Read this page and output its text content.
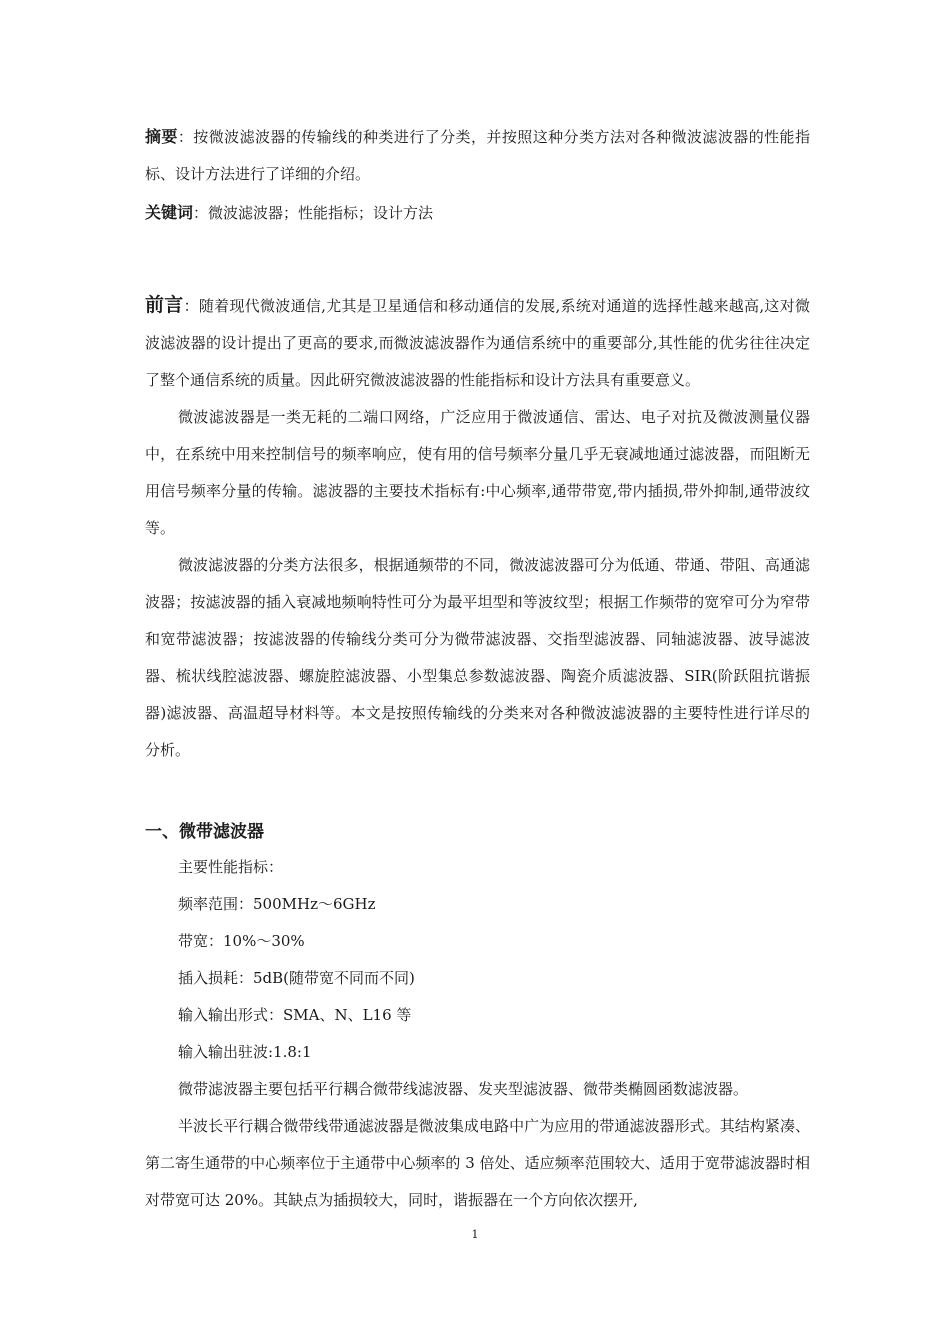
摘要：按微波滤波器的传输线的种类进行了分类，并按照这种分类方法对各种微波滤波器的性能指标、设计方法进行了详细的介绍。

关键词：微波滤波器；性能指标；设计方法

前言：随着现代微波通信,尤其是卫星通信和移动通信的发展,系统对通道的选择性越来越高,这对微波滤波器的设计提出了更高的要求,而微波滤波器作为通信系统中的重要部分,其性能的优劣往往决定了整个通信系统的质量。因此研究微波滤波器的性能指标和设计方法具有重要意义。

微波滤波器是一类无耗的二端口网络，广泛应用于微波通信、雷达、电子对抗及微波测量仪器中，在系统中用来控制信号的频率响应，使有用的信号频率分量几乎无衰减地通过滤波器，而阻断无用信号频率分量的传输。滤波器的主要技术指标有:中心频率,通带带宽,带内插损,带外抑制,通带波纹等。

微波滤波器的分类方法很多，根据通频带的不同，微波滤波器可分为低通、带通、带阻、高通滤波器；按滤波器的插入衰减地频响特性可分为最平坦型和等波纹型；根据工作频带的宽窄可分为窄带和宽带滤波器；按滤波器的传输线分类可分为微带滤波器、交指型滤波器、同轴滤波器、波导滤波器、梳状线腔滤波器、螺旋腔滤波器、小型集总参数滤波器、陶瓷介质滤波器、SIR(阶跃阻抗谐振器)滤波器、高温超导材料等。本文是按照传输线的分类来对各种微波滤波器的主要特性进行详尽的分析。

一、微带滤波器

主要性能指标：

频率范围：500MHz～6GHz

带宽：10%～30%

插入损耗：5dB(随带宽不同而不同)

输入输出形式：SMA、N、L16 等

输入输出驻波:1.8:1

微带滤波器主要包括平行耦合微带线滤波器、发夹型滤波器、微带类椭圆函数滤波器。

半波长平行耦合微带线带通滤波器是微波集成电路中广为应用的带通滤波器形式。其结构紧凑、第二寄生通带的中心频率位于主通带中心频率的 3 倍处、适应频率范围较大、适用于宽带滤波器时相对带宽可达 20%。其缺点为插损较大，同时，谐振器在一个方向依次摆开,

1
